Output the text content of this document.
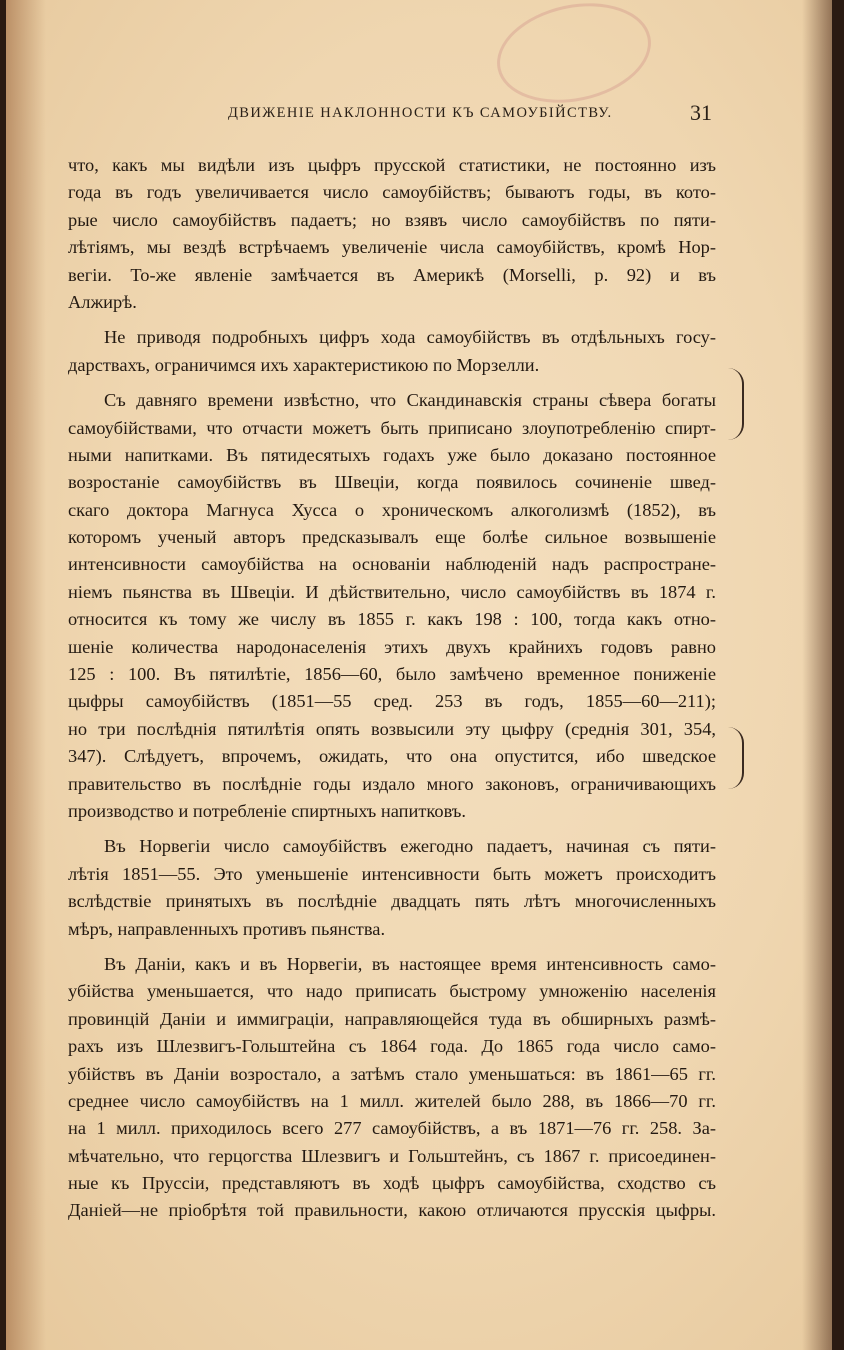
ДВИЖЕНІЕ НАКЛОННОСТИ КЪ САМОУБІЙСТВУ.	31
что, какъ мы видѣли изъ цыфръ прусской статистики, не постоянно изъ
года въ годъ увеличивается число самоубійствъ; бываютъ годы, въ кото-
рые число самоубійствъ падаетъ; но взявъ число самоубійствъ по пяти-
лѣтіямъ, мы вездѣ встрѣчаемъ увеличеніе числа самоубійствъ, кромѣ Нор-
вегіи. То-же явленіе замѣчается въ Америкѣ (Morselli, p. 92) и въ
Алжирѣ.
Не приводя подробныхъ цифръ хода самоубійствъ въ отдѣльныхъ госу-
дарствахъ, ограничимся ихъ характеристикою по Морзелли.
Съ давняго времени извѣстно, что Скандинавскія страны сѣвера богаты
самоубійствами, что отчасти можетъ быть приписано злоупотребленію спирт-
ными напитками. Въ пятидесятыхъ годахъ уже было доказано постоянное
возростаніе самоубійствъ въ Швеціи, когда появилось сочиненіе швед-
скаго доктора Магнуса Хусса о хроническомъ алкоголизмѣ (1852), въ
которомъ ученый авторъ предсказывалъ еще болѣе сильное возвышеніе
интенсивности самоубійства на основаніи наблюденій надъ распростране-
ніемъ пьянства въ Швеціи. И дѣйствительно, число самоубійствъ въ 1874 г.
относится къ тому же числу въ 1855 г. какъ 198 : 100, тогда какъ отно-
шеніе количества народонаселенія этихъ двухъ крайнихъ годовъ равно
125 : 100. Въ пятилѣтіе, 1856—60, было замѣчено временное пониженіе
цыфры самоубійствъ (1851—55 сред. 253 въ годъ, 1855—60—211);
но три послѣднія пятилѣтія опять возвысили эту цыфру (среднія 301, 354,
347). Слѣдуетъ, впрочемъ, ожидать, что она опустится, ибо шведское
правительство въ послѣдніе годы издало много законовъ, ограничивающихъ
производство и потребленіе спиртныхъ напитковъ.
Въ Норвегіи число самоубійствъ ежегодно падаетъ, начиная съ пяти-
лѣтія 1851—55. Это уменьшеніе интенсивности быть можетъ происходитъ
вслѣдствіе принятыхъ въ послѣдніе двадцать пять лѣтъ многочисленныхъ
мѣръ, направленныхъ противъ пьянства.
Въ Даніи, какъ и въ Норвегіи, въ настоящее время интенсивность само-
убійства уменьшается, что надо приписать быстрому умноженію населенія
провинцій Даніи и иммиграціи, направляющейся туда въ обширныхъ размѣ-
рахъ изъ Шлезвигъ-Гольштейна съ 1864 года. До 1865 года число само-
убійствъ въ Даніи возростало, а затѣмъ стало уменьшаться: въ 1861—65 гг.
среднее число самоубійствъ на 1 милл. жителей было 288, въ 1866—70 гг.
на 1 милл. приходилось всего 277 самоубійствъ, а въ 1871—76 гг. 258. За-
мѣчательно, что герцогства Шлезвигъ и Гольштейнъ, съ 1867 г. присоединен-
ные къ Пруссіи, представляютъ въ ходѣ цыфръ самоубійства, сходство съ
Даніей—не пріобрѣтя той правильности, какою отличаются прусскія цыфры.
